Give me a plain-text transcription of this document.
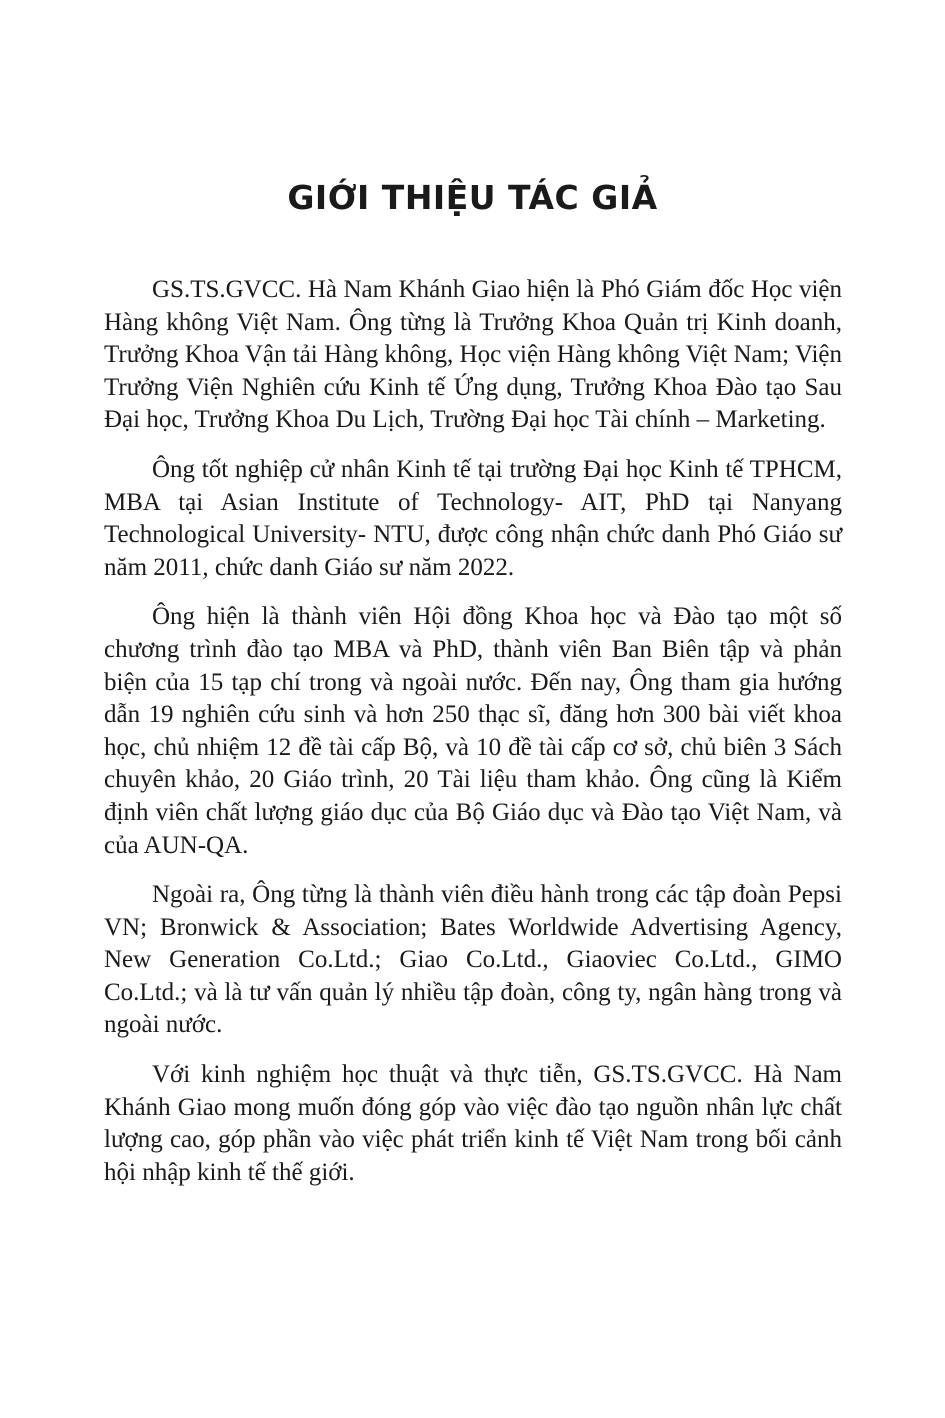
GIỚI THIỆU TÁC GIẢ

GS.TS.GVCC. Hà Nam Khánh Giao hiện là Phó Giám đốc Học viện Hàng không Việt Nam. Ông từng là Trưởng Khoa Quản trị Kinh doanh, Trưởng Khoa Vận tải Hàng không, Học viện Hàng không Việt Nam; Viện Trưởng Viện Nghiên cứu Kinh tế Ứng dụng, Trưởng Khoa Đào tạo Sau Đại học, Trưởng Khoa Du Lịch, Trường Đại học Tài chính – Marketing.

Ông tốt nghiệp cử nhân Kinh tế tại trường Đại học Kinh tế TPHCM, MBA tại Asian Institute of Technology- AIT, PhD tại Nanyang Technological University- NTU, được công nhận chức danh Phó Giáo sư năm 2011, chức danh Giáo sư năm 2022.

Ông hiện là thành viên Hội đồng Khoa học và Đào tạo một số chương trình đào tạo MBA và PhD, thành viên Ban Biên tập và phản biện của 15 tạp chí trong và ngoài nước. Đến nay, Ông tham gia hướng dẫn 19 nghiên cứu sinh và hơn 250 thạc sĩ, đăng hơn 300 bài viết khoa học, chủ nhiệm 12 đề tài cấp Bộ, và 10 đề tài cấp cơ sở, chủ biên 3 Sách chuyên khảo, 20 Giáo trình, 20 Tài liệu tham khảo. Ông cũng là Kiểm định viên chất lượng giáo dục của Bộ Giáo dục và Đào tạo Việt Nam, và của AUN-QA.

Ngoài ra, Ông từng là thành viên điều hành trong các tập đoàn Pepsi VN; Bronwick & Association; Bates Worldwide Advertising Agency, New Generation Co.Ltd.; Giao Co.Ltd., Giaoviec Co.Ltd., GIMO Co.Ltd.; và là tư vấn quản lý nhiều tập đoàn, công ty, ngân hàng trong và ngoài nước.

Với kinh nghiệm học thuật và thực tiễn, GS.TS.GVCC. Hà Nam Khánh Giao mong muốn đóng góp vào việc đào tạo nguồn nhân lực chất lượng cao, góp phần vào việc phát triển kinh tế Việt Nam trong bối cảnh hội nhập kinh tế thế giới.
